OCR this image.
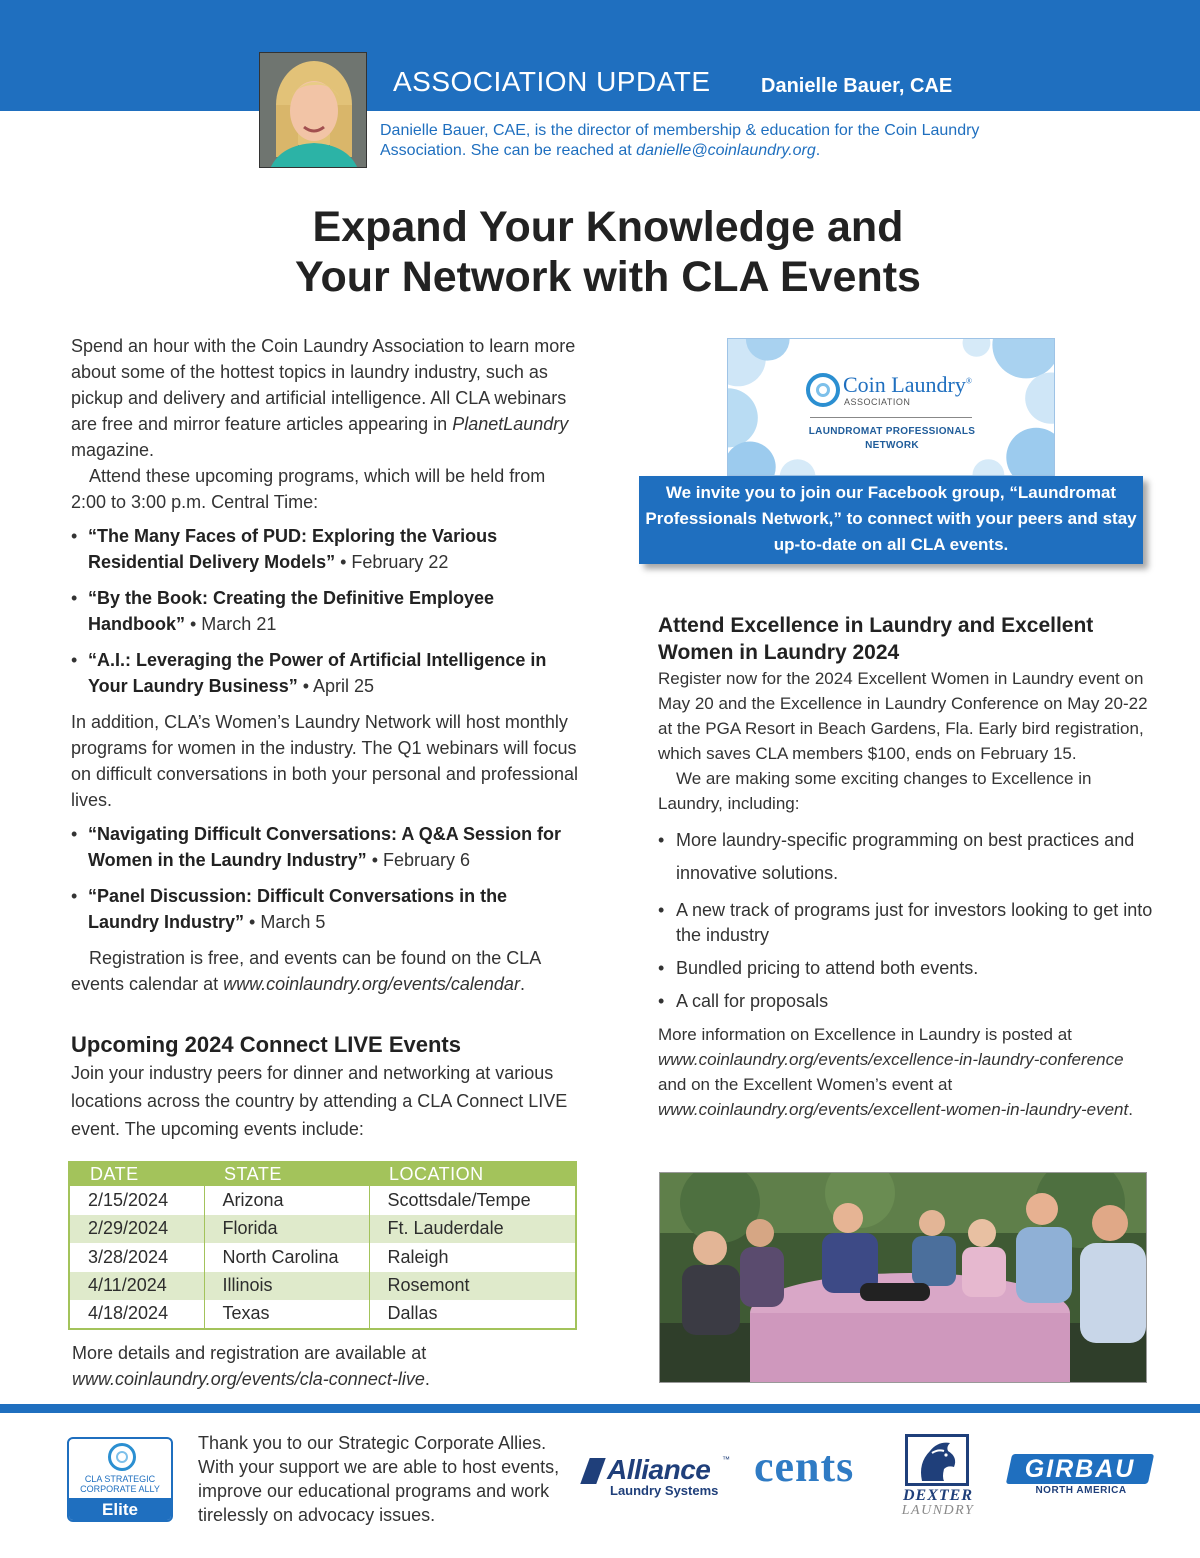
ASSOCIATION UPDATE	Danielle Bauer, CAE
Danielle Bauer, CAE, is the director of membership & education for the Coin Laundry Association. She can be reached at danielle@coinlaundry.org.
Expand Your Knowledge and
Your Network with CLA Events

Spend an hour with the Coin Laundry Association to learn more about some of the hottest topics in laundry industry, such as pickup and delivery and artificial intelligence. All CLA webinars are free and mirror feature articles appearing in PlanetLaundry magazine.

Attend these upcoming programs, which will be held from 2:00 to 3:00 p.m. Central Time:

• “The Many Faces of PUD: Exploring the Various Residential Delivery Models” • February 22
• “By the Book: Creating the Definitive Employee Handbook” • March 21
• “A.I.: Leveraging the Power of Artificial Intelligence in Your Laundry Business” • April 25

In addition, CLA’s Women’s Laundry Network will host monthly programs for women in the industry. The Q1 webinars will focus on difficult conversations in both your personal and professional lives.

• “Navigating Difficult Conversations: A Q&A Session for Women in the Laundry Industry” • February 6
• “Panel Discussion: Difficult Conversations in the Laundry Industry” • March 5

Registration is free, and events can be found on the CLA events calendar at www.coinlaundry.org/events/calendar.

Upcoming 2024 Connect LIVE Events

Join your industry peers for dinner and networking at various locations across the country by attending a CLA Connect LIVE event. The upcoming events include:

DATE	STATE	LOCATION
2/15/2024	Arizona	Scottsdale/Tempe
2/29/2024	Florida	Ft. Lauderdale
3/28/2024	North Carolina	Raleigh
4/11/2024	Illinois	Rosemont
4/18/2024	Texas	Dallas
More details and registration are available at
www.coinlaundry.org/events/cla-connect-live.
Coin Laundry®
ASSOCIATION
LAUNDROMAT PROFESSIONALS
NETWORK
We invite you to join our Facebook group, “Laundromat Professionals Network,” to connect with your peers and stay up-to-date on all CLA events.
Attend Excellence in Laundry and Excellent Women in Laundry 2024

Register now for the 2024 Excellent Women in Laundry event on May 20 and the Excellence in Laundry Conference on May 20-22 at the PGA Resort in Beach Gardens, Fla. Early bird registration, which saves CLA members $100, ends on February 15.

We are making some exciting changes to Excellence in Laundry, including:

• More laundry-specific programming on best practices and innovative solutions.
• A new track of programs just for investors looking to get into the industry
• Bundled pricing to attend both events.
• A call for proposals

More information on Excellence in Laundry is posted at www.coinlaundry.org/events/excellence-in-laundry-conference and on the Excellent Women’s event at www.coinlaundry.org/events/excellent-women-in-laundry-event.

CLA STRATEGIC
CORPORATE ALLY
Elite
Thank you to our Strategic Corporate Allies. With your support we are able to host events, improve our educational programs and work tirelessly on advocacy issues.
Alliance ™
Laundry Systems cents
DEXTER
LAUNDRY
GIRBAU
NORTH AMERICA
